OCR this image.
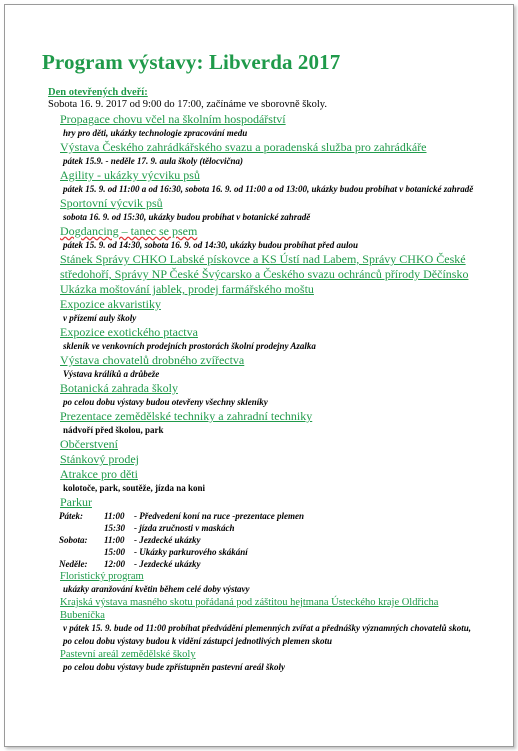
Program výstavy: Libverda 2017
Den otevřených dveří:
Sobota 16. 9. 2017 od 9:00 do 17:00, začínáme ve sborovně školy.
Propagace chovu včel na školním hospodářství
hry pro děti, ukázky technologie zpracování medu
Výstava Českého zahrádkářského svazu a poradenská služba pro zahrádkáře
pátek 15.9. - neděle 17. 9. aula školy (tělocvična)
Agility - ukázky výcviku psů
pátek 15. 9. od 11:00 a od 16:30, sobota 16. 9. od 11:00 a od 13:00, ukázky budou probíhat v botanické zahradě
Sportovní výcvik psů
sobota 16. 9. od 15:30, ukázky budou probíhat v botanické zahradě
Dogdancing – tanec se psem
pátek 15. 9. od 14:30, sobota 16. 9. od 14:30, ukázky budou probíhat před aulou
Stánek Správy CHKO Labské pískovce a KS Ústí nad Labem, Správy CHKO České středohoří, Správy NP České Švýcarsko a Českého svazu ochránců přírody Děčínsko
Ukázka moštování jablek, prodej farmářského moštu
Expozice akvaristiky
v přízemí auly školy
Expozice exotického ptactva
skleník ve venkovních prodejních prostorách školní prodejny Azalka
Výstava chovatelů drobného zvířectva
Výstava králíků a drůbeže
Botanická zahrada školy
po celou dobu výstavy budou otevřeny všechny skleníky
Prezentace zemědělské techniky a zahradní techniky
nádvoří před školou, park
Občerstvení
Stánkový prodej
Atrakce pro děti
kolotoče, park, soutěže, jízda na koni
Parkur
Pátek:	11:00	- Předvedení koní na ruce -prezentace plemen
	15:30	- jízda zručnosti v maskách
Sobota:	11:00	- Jezdecké ukázky
	15:00	- Ukázky parkurového skákání
Neděle:	12:00	- Jezdecké ukázky
Floristický program
ukázky aranžování květin během celé doby výstavy
Krajská výstava masného skotu pořádaná pod záštitou hejtmana Ústeckého kraje Oldřicha Bubeníčka
v pátek 15. 9. bude od 11:00 probíhat předvádění plemenných zvířat a přednášky významných chovatelů skotu, po celou dobu výstavy budou k vidění zástupci jednotlivých plemen skotu
Pastevní areál zemědělské školy
po celou dobu výstavy bude zpřístupněn pastevní areál školy
